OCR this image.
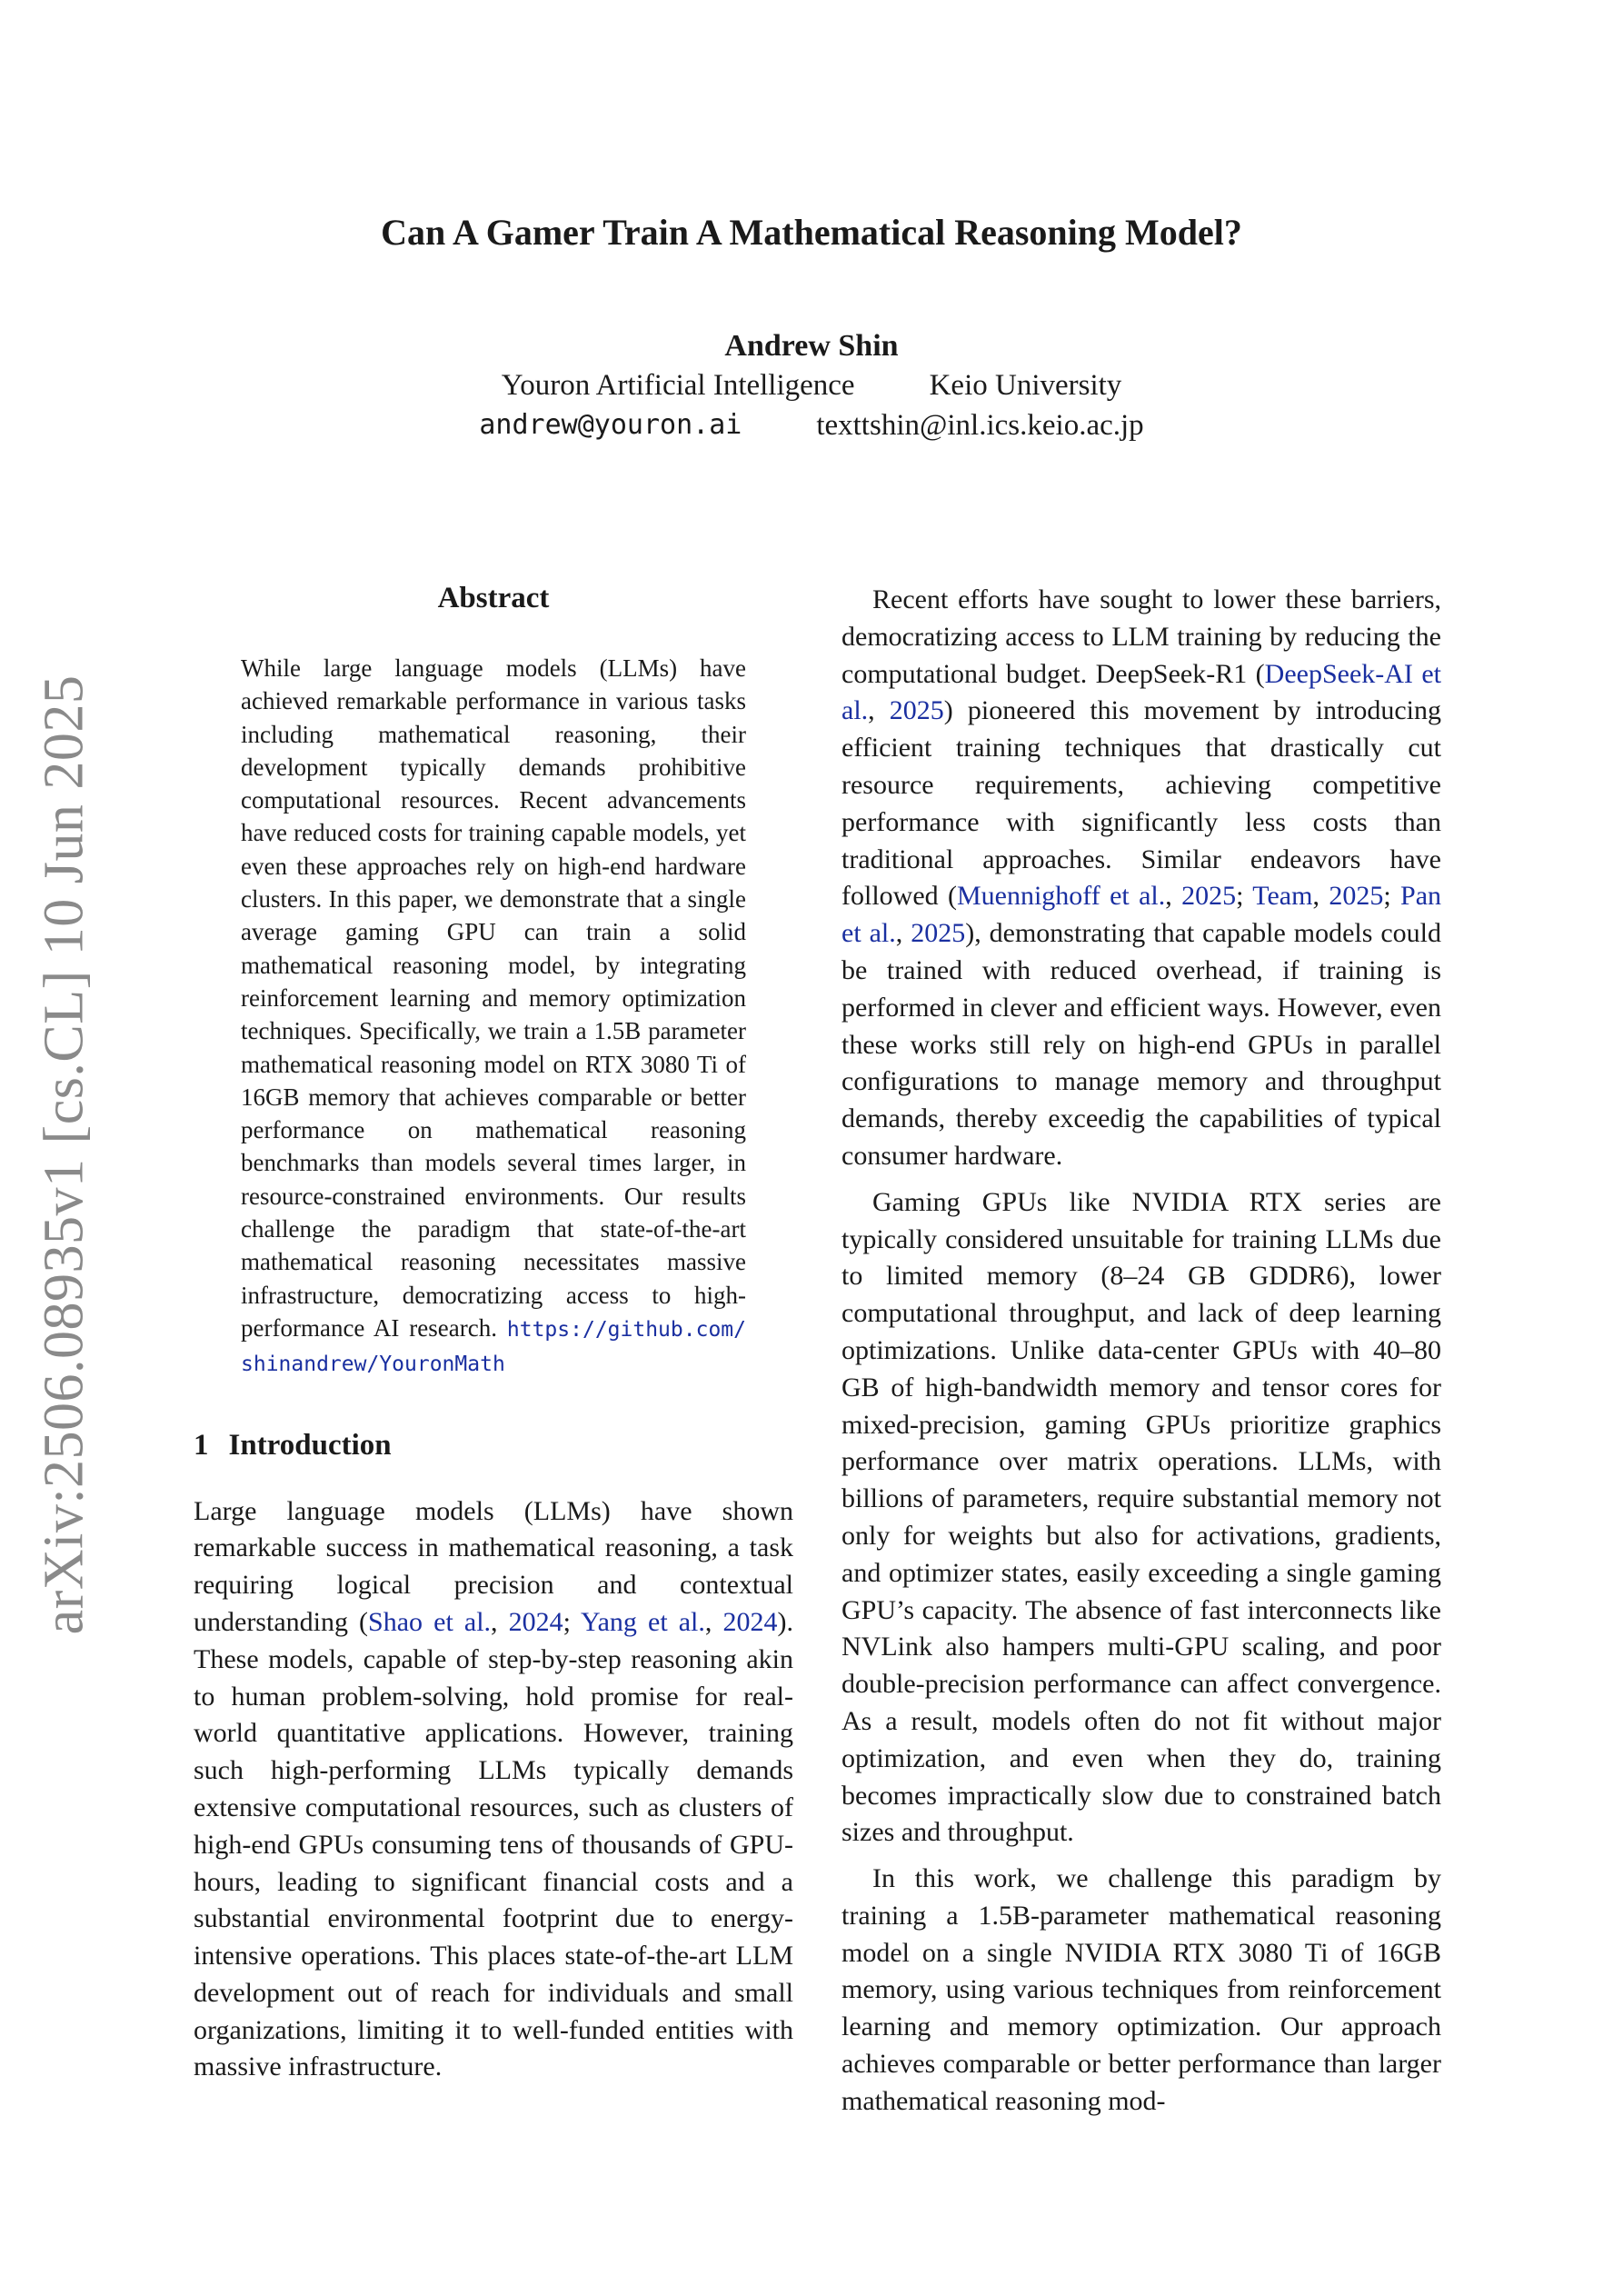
arXiv:2506.08935v1 [cs.CL] 10 Jun 2025
Can A Gamer Train A Mathematical Reasoning Model?
Andrew Shin
Youron Artificial Intelligence Keio University
andrew@youron.ai texttshin@inl.ics.keio.ac.jp
Abstract
While large language models (LLMs) have achieved remarkable performance in various tasks including mathematical reasoning, their development typically demands prohibitive computational resources. Recent advancements have reduced costs for training capable models, yet even these approaches rely on high-end hardware clusters. In this paper, we demonstrate that a single average gaming GPU can train a solid mathematical reasoning model, by integrating reinforcement learning and memory optimization techniques. Specifically, we train a 1.5B parameter mathematical reasoning model on RTX 3080 Ti of 16GB memory that achieves comparable or better performance on mathematical reasoning benchmarks than models several times larger, in resource-constrained environments. Our results challenge the paradigm that state-of-the-art mathematical reasoning necessitates massive infrastructure, democratizing access to high-performance AI research. https://github.com/shinandrew/YouronMath
1 Introduction

Large language models (LLMs) have shown remarkable success in mathematical reasoning, a task requiring logical precision and contextual understanding (Shao et al., 2024; Yang et al., 2024). These models, capable of step-by-step reasoning akin to human problem-solving, hold promise for real-world quantitative applications. However, training such high-performing LLMs typically demands extensive computational resources, such as clusters of high-end GPUs consuming tens of thousands of GPU-hours, leading to significant financial costs and a substantial environmental footprint due to energy-intensive operations. This places state-of-the-art LLM development out of reach for individuals and small organizations, limiting it to well-funded entities with massive infrastructure.

Recent efforts have sought to lower these barriers, democratizing access to LLM training by reducing the computational budget. DeepSeek-R1 (DeepSeek-AI et al., 2025) pioneered this movement by introducing efficient training techniques that drastically cut resource requirements, achieving competitive performance with significantly less costs than traditional approaches. Similar endeavors have followed (Muennighoff et al., 2025; Team, 2025; Pan et al., 2025), demonstrating that capable models could be trained with reduced overhead, if training is performed in clever and efficient ways. However, even these works still rely on high-end GPUs in parallel configurations to manage memory and throughput demands, thereby exceedig the capabilities of typical consumer hardware.

Gaming GPUs like NVIDIA RTX series are typically considered unsuitable for training LLMs due to limited memory (8–24 GB GDDR6), lower computational throughput, and lack of deep learning optimizations. Unlike data-center GPUs with 40–80 GB of high-bandwidth memory and tensor cores for mixed-precision, gaming GPUs prioritize graphics performance over matrix operations. LLMs, with billions of parameters, require substantial memory not only for weights but also for activations, gradients, and optimizer states, easily exceeding a single gaming GPU’s capacity. The absence of fast interconnects like NVLink also hampers multi-GPU scaling, and poor double-precision performance can affect convergence. As a result, models often do not fit without major optimization, and even when they do, training becomes impractically slow due to constrained batch sizes and throughput.

In this work, we challenge this paradigm by training a 1.5B-parameter mathematical reasoning model on a single NVIDIA RTX 3080 Ti of 16GB memory, using various techniques from reinforcement learning and memory optimization. Our approach achieves comparable or better performance than larger mathematical reasoning mod-
